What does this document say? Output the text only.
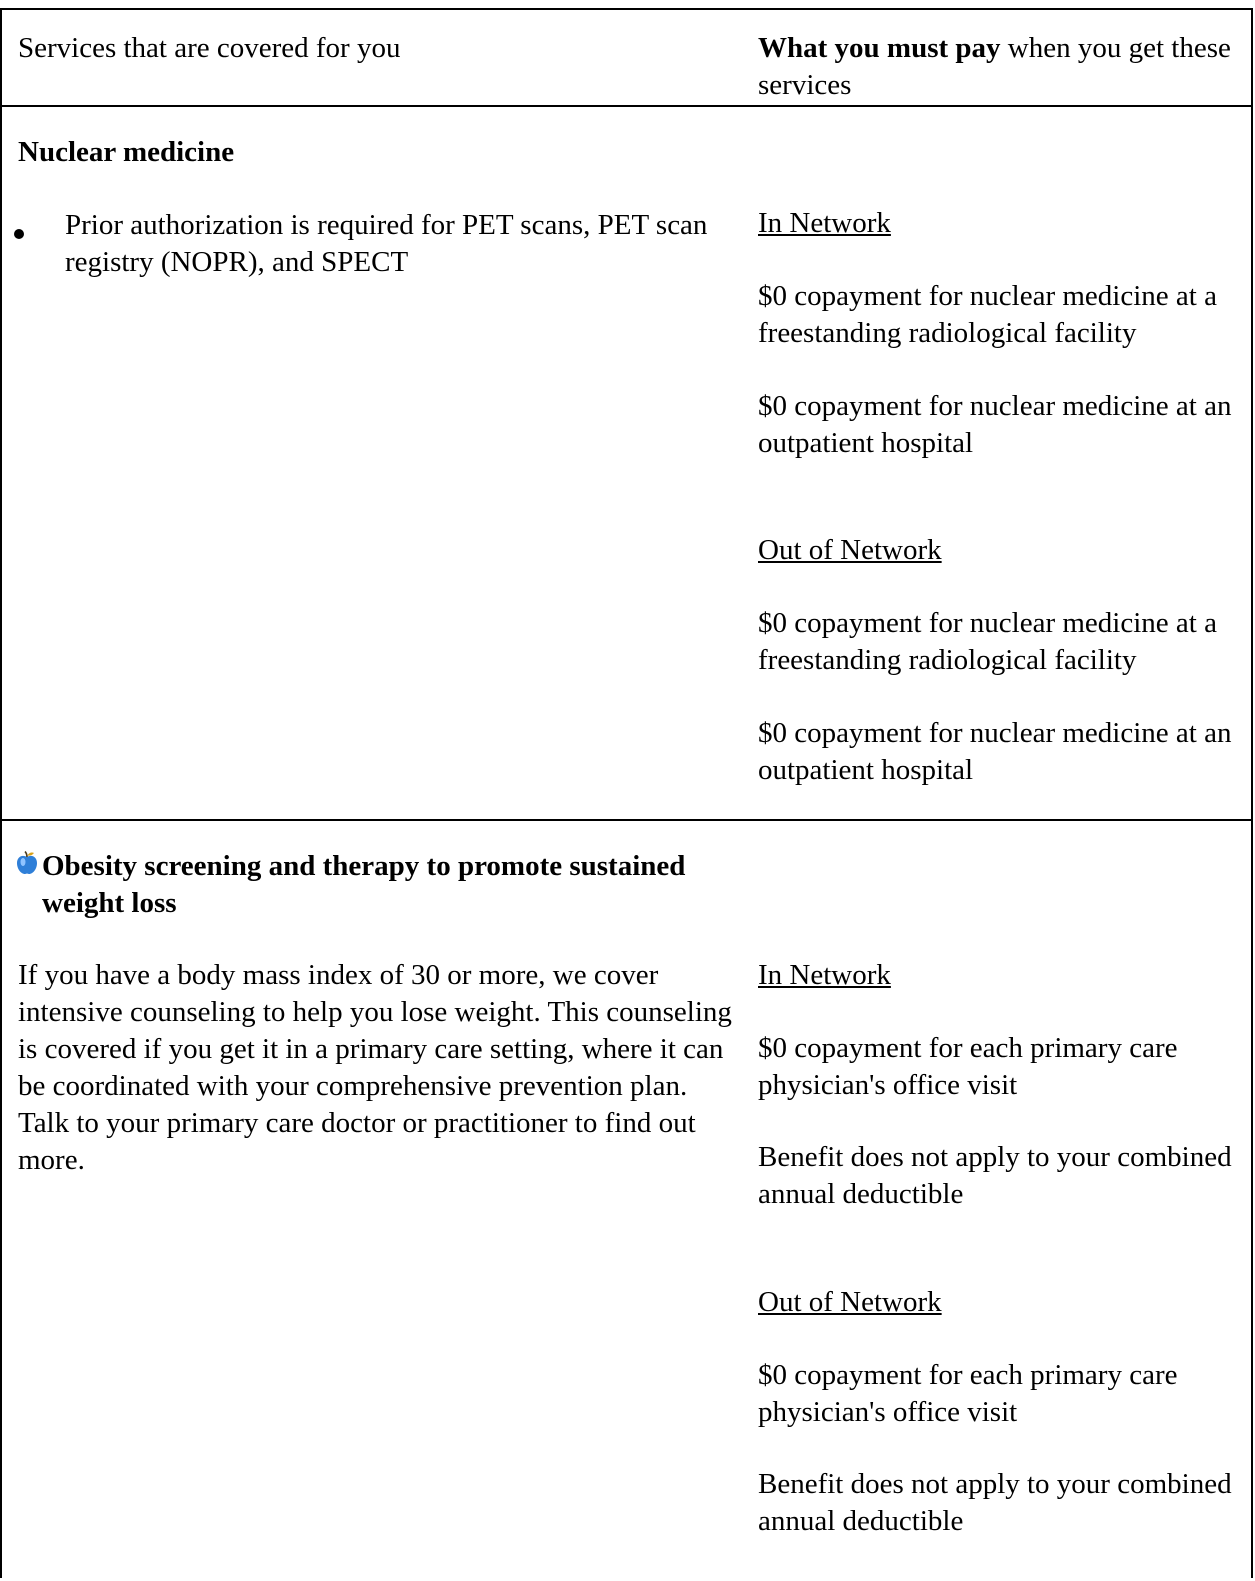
Services that are covered for you	What you must pay when you get these services
Nuclear medicine
Prior authorization is required for PET scans, PET scan registry (NOPR), and SPECT
In Network
$0 copayment for nuclear medicine at a freestanding radiological facility
$0 copayment for nuclear medicine at an outpatient hospital
Out of Network
$0 copayment for nuclear medicine at a freestanding radiological facility
$0 copayment for nuclear medicine at an outpatient hospital
Obesity screening and therapy to promote sustained weight loss
If you have a body mass index of 30 or more, we cover intensive counseling to help you lose weight. This counseling is covered if you get it in a primary care setting, where it can be coordinated with your comprehensive prevention plan. Talk to your primary care doctor or practitioner to find out more.
In Network
$0 copayment for each primary care physician's office visit
Benefit does not apply to your combined annual deductible
Out of Network
$0 copayment for each primary care physician's office visit
Benefit does not apply to your combined annual deductible
